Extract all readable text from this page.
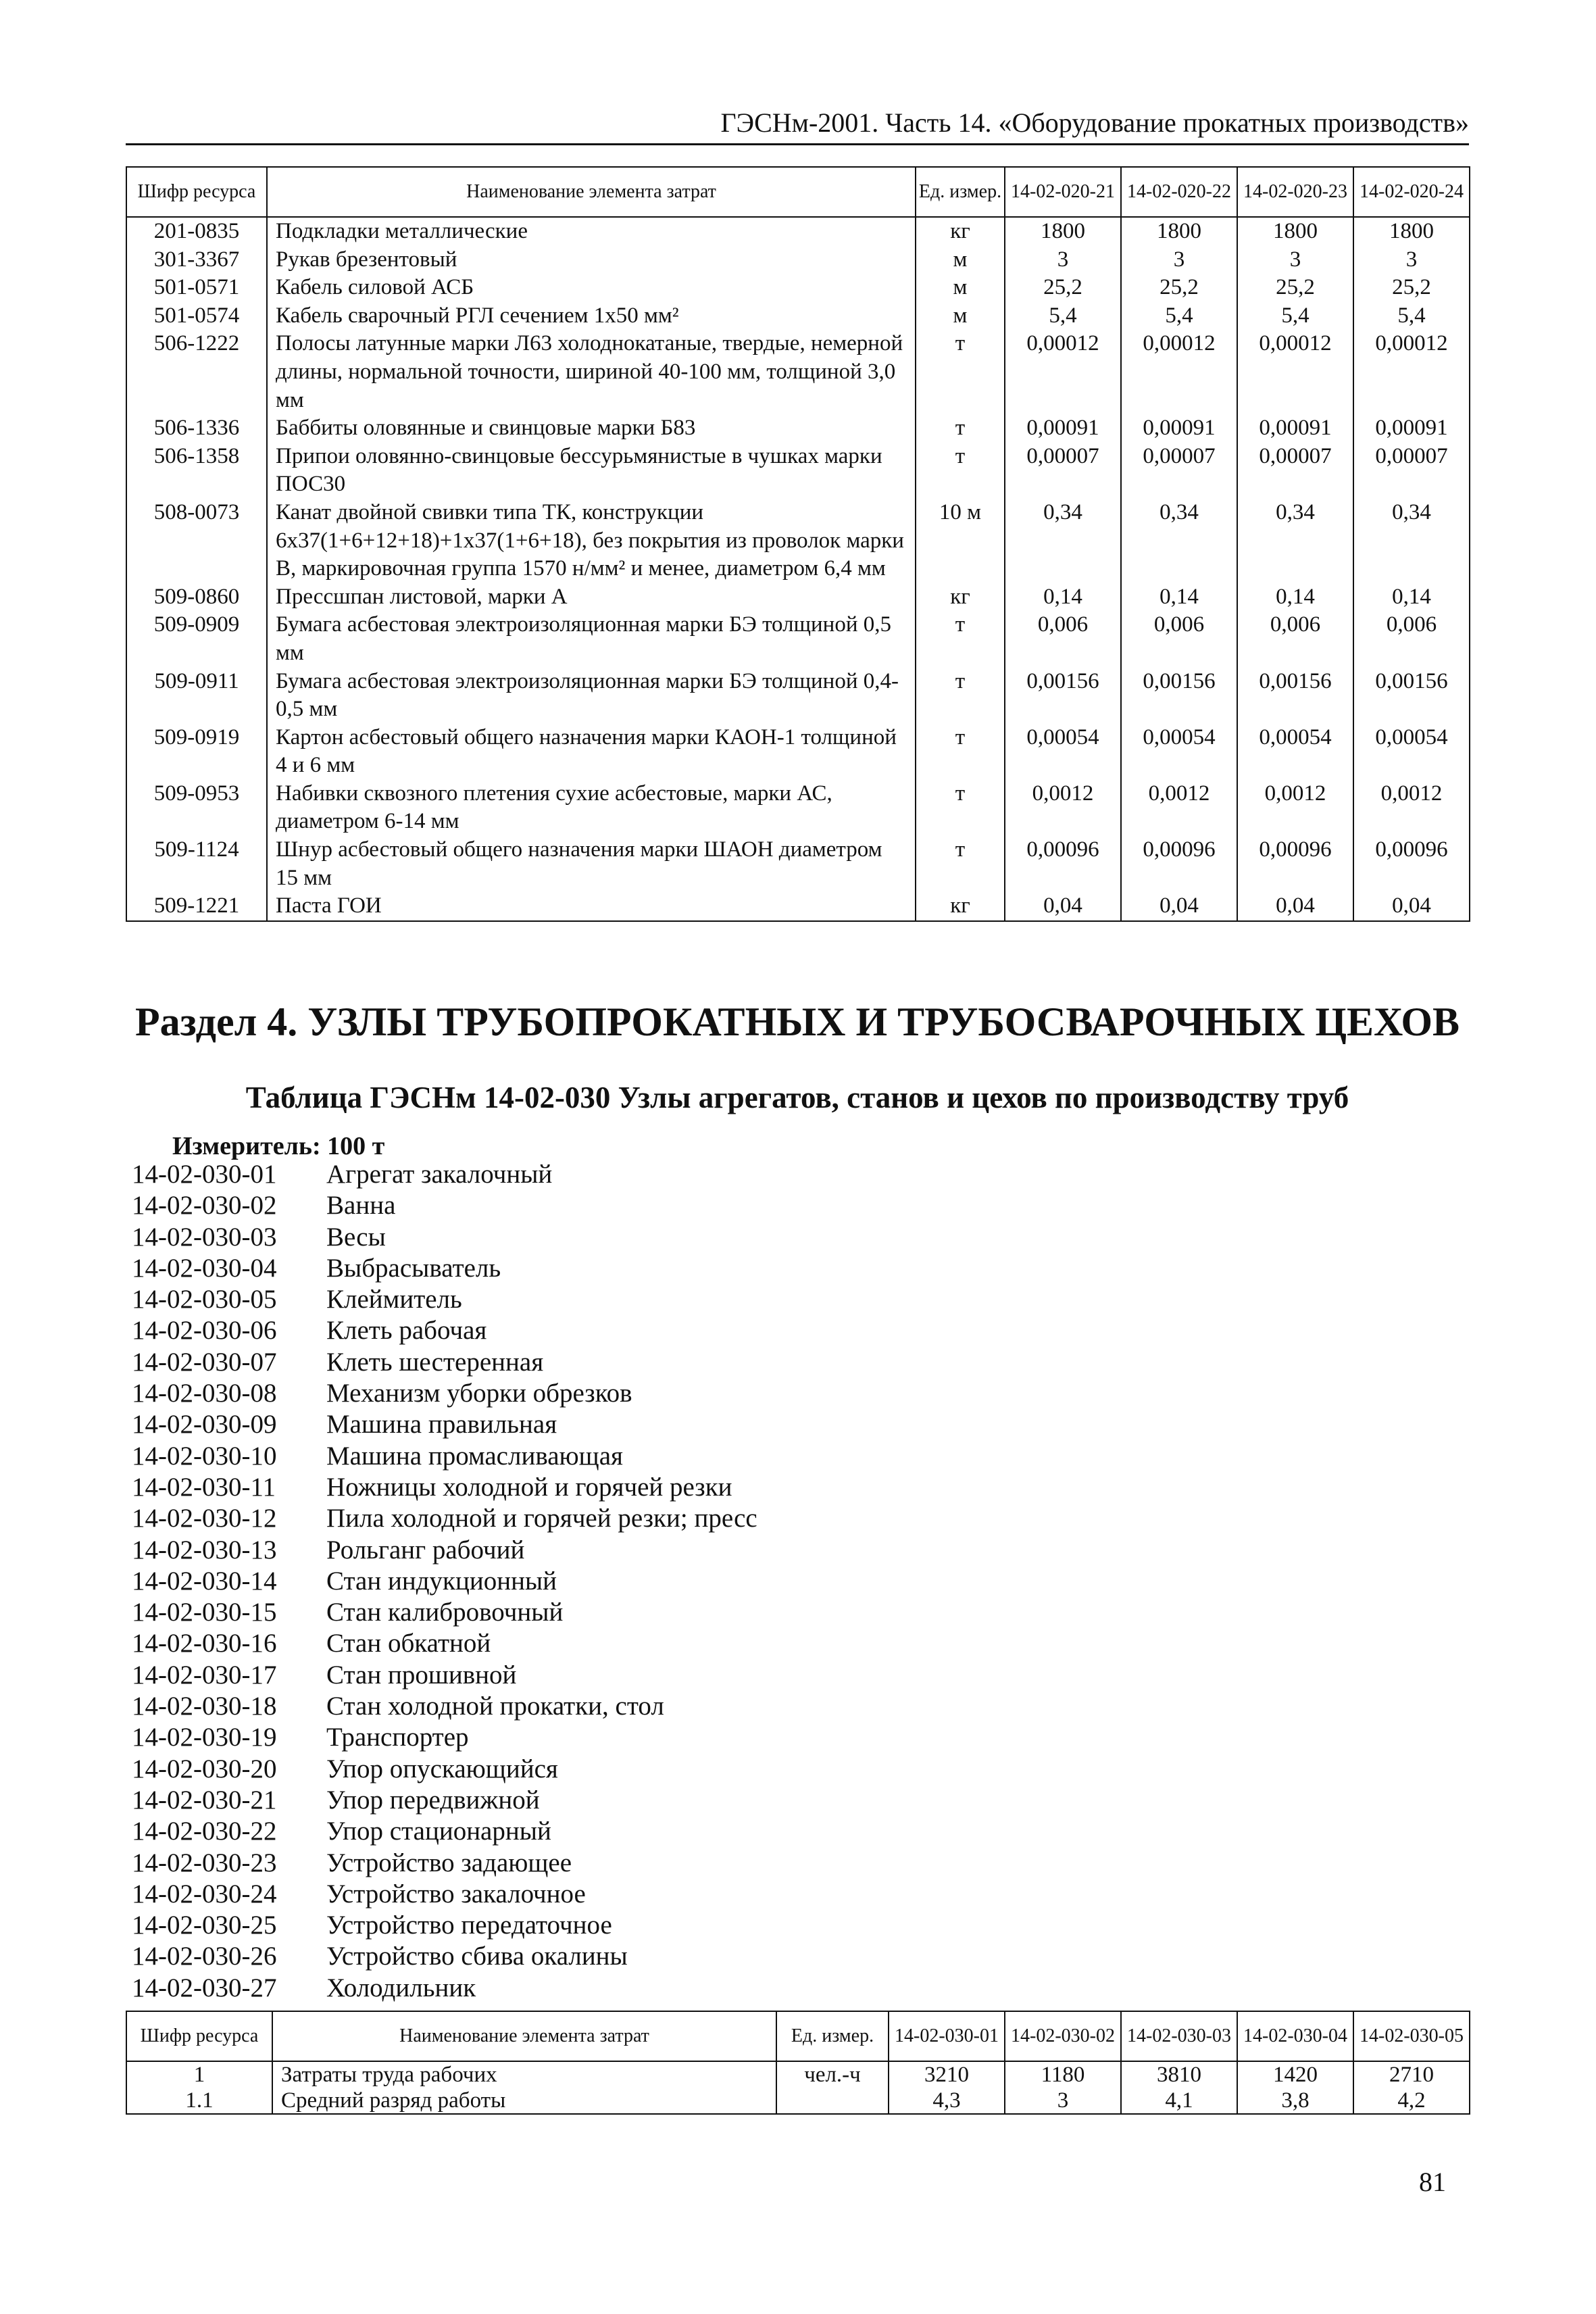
ГЭСНм-2001. Часть 14. «Оборудование прокатных производств»
Шифр ресурса	Наименование элемента затрат	Ед. измер.	14-02-020-21	14-02-020-22	14-02-020-23	14-02-020-24
201-0835	Подкладки металлические	кг	1800	1800	1800	1800
301-3367	Рукав брезентовый	м	3	3	3	3
501-0571	Кабель силовой АСБ	м	25,2	25,2	25,2	25,2
501-0574	Кабель сварочный РГЛ сечением 1х50 мм²	м	5,4	5,4	5,4	5,4
506-1222	Полосы латунные марки Л63 холоднокатаные, твердые, немерной длины, нормальной точности, шириной 40-100 мм, толщиной 3,0 мм	т	0,00012	0,00012	0,00012	0,00012
506-1336	Баббиты оловянные и свинцовые марки Б83	т	0,00091	0,00091	0,00091	0,00091
506-1358	Припои оловянно-свинцовые бессурьмянистые в чушках марки ПОС30	т	0,00007	0,00007	0,00007	0,00007
508-0073	Канат двойной свивки типа ТК, конструкции 6х37(1+6+12+18)+1х37(1+6+18), без покрытия из проволок марки В, маркировочная группа 1570 н/мм² и менее, диаметром 6,4 мм	10 м	0,34	0,34	0,34	0,34
509-0860	Прессшпан листовой, марки А	кг	0,14	0,14	0,14	0,14
509-0909	Бумага асбестовая электроизоляционная марки БЭ толщиной 0,5 мм	т	0,006	0,006	0,006	0,006
509-0911	Бумага асбестовая электроизоляционная марки БЭ толщиной 0,4-0,5 мм	т	0,00156	0,00156	0,00156	0,00156
509-0919	Картон асбестовый общего назначения марки КАОН-1 толщиной 4 и 6 мм	т	0,00054	0,00054	0,00054	0,00054
509-0953	Набивки сквозного плетения сухие асбестовые, марки АС, диаметром 6-14 мм	т	0,0012	0,0012	0,0012	0,0012
509-1124	Шнур асбестовый общего назначения марки ШАОН диаметром 15 мм	т	0,00096	0,00096	0,00096	0,00096
509-1221	Паста ГОИ	кг	0,04	0,04	0,04	0,04
Раздел 4. УЗЛЫ ТРУБОПРОКАТНЫХ И ТРУБОСВАРОЧНЫХ ЦЕХОВ
Таблица ГЭСНм 14-02-030 Узлы агрегатов, станов и цехов по производству труб
Измеритель: 100 т
14-02-030-01 Агрегат закалочный
14-02-030-02 Ванна
14-02-030-03 Весы
14-02-030-04 Выбрасыватель
14-02-030-05 Клеймитель
14-02-030-06 Клеть рабочая
14-02-030-07 Клеть шестеренная
14-02-030-08 Механизм уборки обрезков
14-02-030-09 Машина правильная
14-02-030-10 Машина промасливающая
14-02-030-11 Ножницы холодной и горячей резки
14-02-030-12 Пила холодной и горячей резки; пресс
14-02-030-13 Рольганг рабочий
14-02-030-14 Стан индукционный
14-02-030-15 Стан калибровочный
14-02-030-16 Стан обкатной
14-02-030-17 Стан прошивной
14-02-030-18 Стан холодной прокатки, стол
14-02-030-19 Транспортер
14-02-030-20 Упор опускающийся
14-02-030-21 Упор передвижной
14-02-030-22 Упор стационарный
14-02-030-23 Устройство задающее
14-02-030-24 Устройство закалочное
14-02-030-25 Устройство передаточное
14-02-030-26 Устройство сбива окалины
14-02-030-27 Холодильник
Шифр ресурса	Наименование элемента затрат	Ед. измер.	14-02-030-01	14-02-030-02	14-02-030-03	14-02-030-04	14-02-030-05
1	Затраты труда рабочих	чел.-ч	3210	1180	3810	1420	2710
1.1	Средний разряд работы		4,3	3	4,1	3,8	4,2
81
